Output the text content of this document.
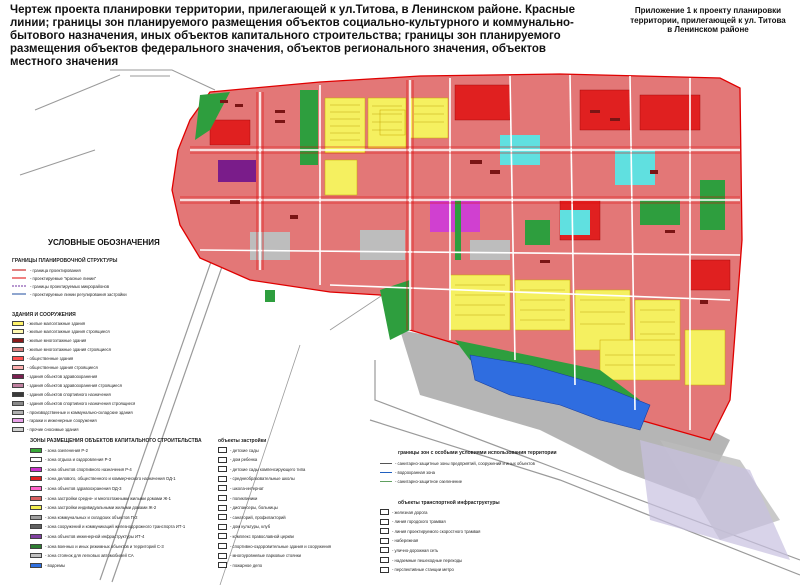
Чертеж проекта планировки территории, прилегающей к ул.Титова, в Ленинском районе. Красные линии; границы зон планируемого размещения объектов социально-культурного и коммунально-бытового назначения, иных объектов капитального строительства; границы зон планируемого размещения объектов федерального значения, объектов регионального значения, объектов местного значения
Приложение 1 к проекту планировки территории, прилегающей к ул. Титова в Ленинском районе
УСЛОВНЫЕ ОБОЗНАЧЕНИЯ
ГРАНИЦЫ ПЛАНИРОВОЧНОЙ СТРУКТУРЫ
- граница проектирования
- проектируемые "красные линии"
- границы проектируемых микрорайонов
- проектируемые линии регулирования застройки
ЗДАНИЯ И СООРУЖЕНИЯ
- жилые малоэтажные здания
- жилые малоэтажные здания строящиеся
- жилые многоэтажные здания
- жилые многоэтажные здания строящиеся
- общественные здания
- общественные здания строящиеся
- здания объектов здравоохранения
- здания объектов здравоохранения строящиеся
- здания объектов спортивного назначения
- здания объектов спортивного назначения строящиеся
- производственные и коммунально-складские здания
- гаражи и инженерные сооружения
- прочие сносимые здания
ЗОНЫ РАЗМЕЩЕНИЯ ОБЪЕКТОВ КАПИТАЛЬНОГО СТРОИТЕЛЬСТВА
- зона озеленения Р-2
- зона отдыха и оздоровления Р-3
- зона объектов спортивного назначения Р-4
- зона делового, общественного и коммерческого назначения ОД-1
- зона объектов здравоохранения ОД-3
- зона застройки средне- и многоэтажными жилыми домами Ж-1
- зона застройки индивидуальными жилыми домами Ж-2
- зона коммунальных и складских объектов П-2
- зона сооружений и коммуникаций железнодорожного транспорта ИТ-1
- зона объектов инженерной инфраструктуры ИТ-4
- зона военных и иных режимных объектов и территорий С-3
- зона стоянок для легковых автомобилей СА
- водоемы
объекты застройки
- детские сады
- дом ребенка
- детские сады компенсирующего типа
- среднеобразовательные школы
- школа-интернат
- поликлиники
- диспансеры, больницы
- санаторий, профилакторий
- дом культуры, клуб
- комплекс православной церкви
- спортивно-оздоровительные здания и сооружения
- многоуровневые парковые стоянки
- пожарное депо
границы зон с особыми условиями использования территории
- санитарно-защитные зоны предприятий, сооружений и иных объектов
- водоохранная зона
- санитарно-защитное озеленение
объекты транспортной инфраструктуры
- железная дорога
- линия городского трамвая
- линия проектируемого скоростного трамвая
- набережная
- улично-дорожная сеть
- надземные пешеходные переходы
- перспективные станции метро
